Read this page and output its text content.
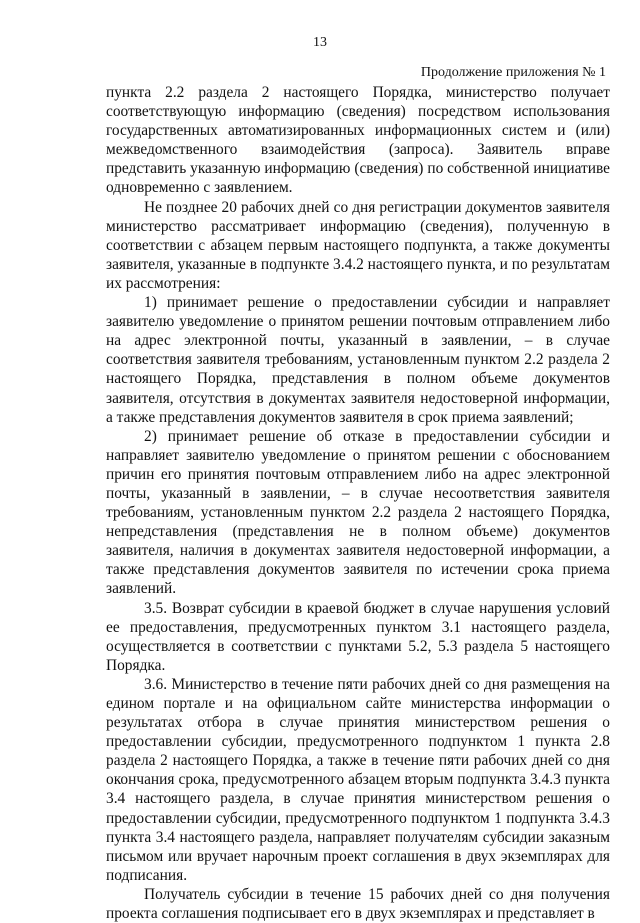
13
Продолжение приложения № 1

пункта 2.2 раздела 2 настоящего Порядка, министерство получает соответствующую информацию (сведения) посредством использования государственных автоматизированных информационных систем и (или) межведомственного взаимодействия (запроса). Заявитель вправе представить указанную информацию (сведения) по собственной инициативе одновременно с заявлением.

Не позднее 20 рабочих дней со дня регистрации документов заявителя министерство рассматривает информацию (сведения), полученную в соответствии с абзацем первым настоящего подпункта, а также документы заявителя, указанные в подпункте 3.4.2 настоящего пункта, и по результатам их рассмотрения:

1) принимает решение о предоставлении субсидии и направляет заявителю уведомление о принятом решении почтовым отправлением либо на адрес электронной почты, указанный в заявлении, – в случае соответствия заявителя требованиям, установленным пунктом 2.2 раздела 2 настоящего Порядка, представления в полном объеме документов заявителя, отсутствия в документах заявителя недостоверной информации, а также представления документов заявителя в срок приема заявлений;

2) принимает решение об отказе в предоставлении субсидии и направляет заявителю уведомление о принятом решении с обоснованием причин его принятия почтовым отправлением либо на адрес электронной почты, указанный в заявлении, – в случае несоответствия заявителя требованиям, установленным пунктом 2.2 раздела 2 настоящего Порядка, непредставления (представления не в полном объеме) документов заявителя, наличия в документах заявителя недостоверной информации, а также представления документов заявителя по истечении срока приема заявлений.

3.5. Возврат субсидии в краевой бюджет в случае нарушения условий ее предоставления, предусмотренных пунктом 3.1 настоящего раздела, осуществляется в соответствии с пунктами 5.2, 5.3 раздела 5 настоящего Порядка.

3.6. Министерство в течение пяти рабочих дней со дня размещения на едином портале и на официальном сайте министерства информации о результатах отбора в случае принятия министерством решения о предоставлении субсидии, предусмотренного подпунктом 1 пункта 2.8 раздела 2 настоящего Порядка, а также в течение пяти рабочих дней со дня окончания срока, предусмотренного абзацем вторым подпункта 3.4.3 пункта 3.4 настоящего раздела, в случае принятия министерством решения о предоставлении субсидии, предусмотренного подпунктом 1 подпункта 3.4.3 пункта 3.4 настоящего раздела, направляет получателям субсидии заказным письмом или вручает нарочным проект соглашения в двух экземплярах для подписания.

Получатель субсидии в течение 15 рабочих дней со дня получения проекта соглашения подписывает его в двух экземплярах и представляет в
